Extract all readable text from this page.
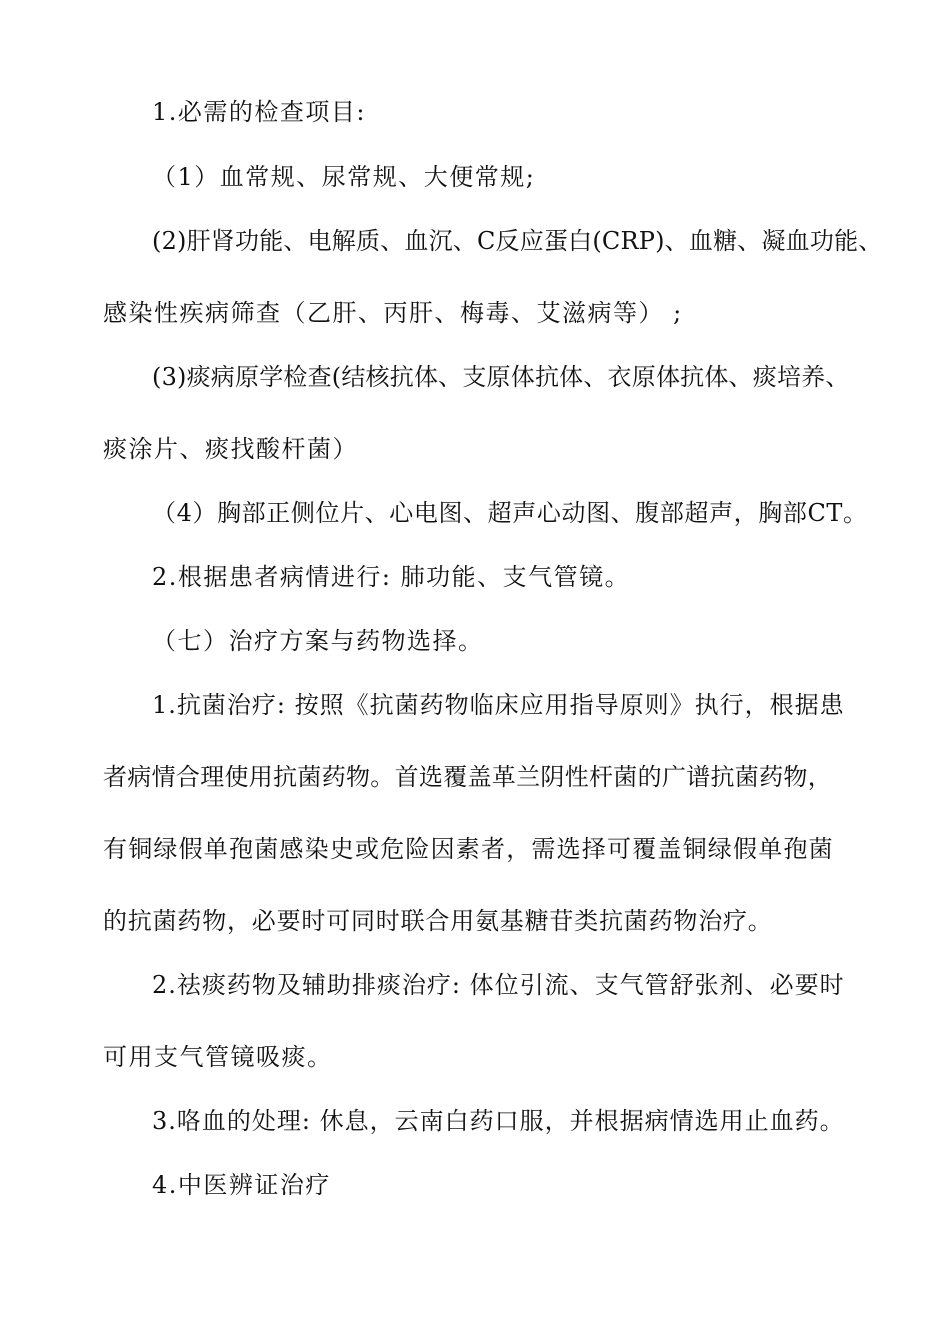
1.必需的检查项目:
（1）血常规、尿常规、大便常规;
(2)肝肾功能、电解质、血沉、C反应蛋白(CRP)、血糖、凝血功能、
感染性疾病筛查（乙肝、丙肝、梅毒、艾滋病等） ;
(3)痰病原学检查(结核抗体、支原体抗体、衣原体抗体、痰培养、
痰涂片、痰找酸杆菌）
（4）胸部正侧位片、心电图、超声心动图、腹部超声，胸部CT。
2.根据患者病情进行: 肺功能、支气管镜。
（七）治疗方案与药物选择。
1.抗菌治疗: 按照《抗菌药物临床应用指导原则》执行，根据患
者病情合理使用抗菌药物。首选覆盖革兰阴性杆菌的广谱抗菌药物，
有铜绿假单孢菌感染史或危险因素者，需选择可覆盖铜绿假单孢菌
的抗菌药物，必要时可同时联合用氨基糖苷类抗菌药物治疗。
2.祛痰药物及辅助排痰治疗: 体位引流、支气管舒张剂、必要时
可用支气管镜吸痰。
3.咯血的处理: 休息，云南白药口服，并根据病情选用止血药。
4.中医辨证治疗
